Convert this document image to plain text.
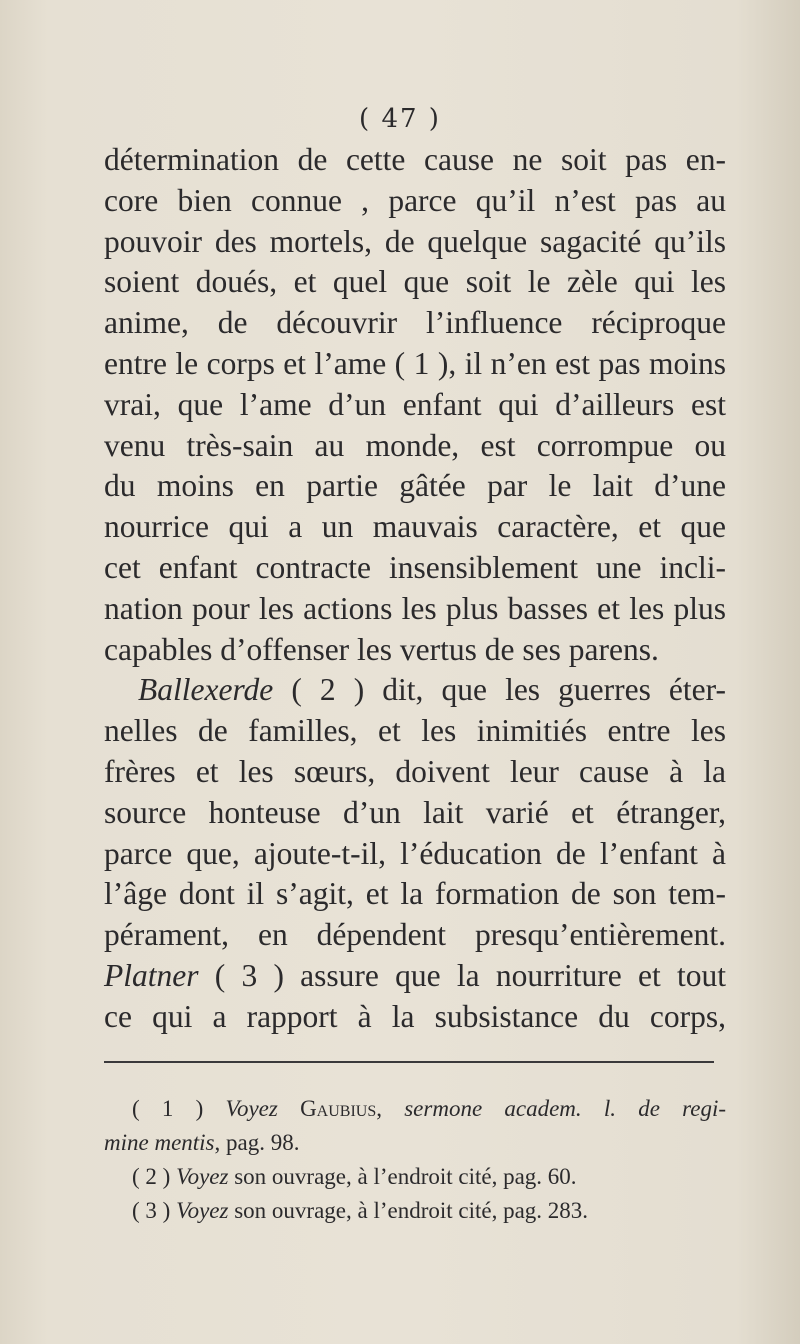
( 47 )
détermination de cette cause ne soit pas en-
core bien connue , parce qu’il n’est pas au
pouvoir des mortels, de quelque sagacité qu’ils
soient doués, et quel que soit le zèle qui les
anime, de découvrir l’influence réciproque
entre le corps et l’ame ( 1 ), il n’en est pas moins
vrai, que l’ame d’un enfant qui d’ailleurs est
venu très-sain au monde, est corrompue ou
du moins en partie gâtée par le lait d’une
nourrice qui a un mauvais caractère, et que
cet enfant contracte insensiblement une incli-
nation pour les actions les plus basses et les plus
capables d’offenser les vertus de ses parens.
Ballexerde ( 2 ) dit, que les guerres éter-
nelles de familles, et les inimitiés entre les
frères et les sœurs, doivent leur cause à la
source honteuse d’un lait varié et étranger,
parce que, ajoute-t-il, l’éducation de l’enfant à
l’âge dont il s’agit, et la formation de son tem-
pérament, en dépendent presqu’entièrement.
Platner ( 3 ) assure que la nourriture et tout
ce qui a rapport à la subsistance du corps,
( 1 ) Voyez Gaubius, sermone academ. l. de regi-
mine mentis, pag. 98.
( 2 ) Voyez son ouvrage, à l’endroit cité, pag. 60.
( 3 ) Voyez son ouvrage, à l’endroit cité, pag. 283.
